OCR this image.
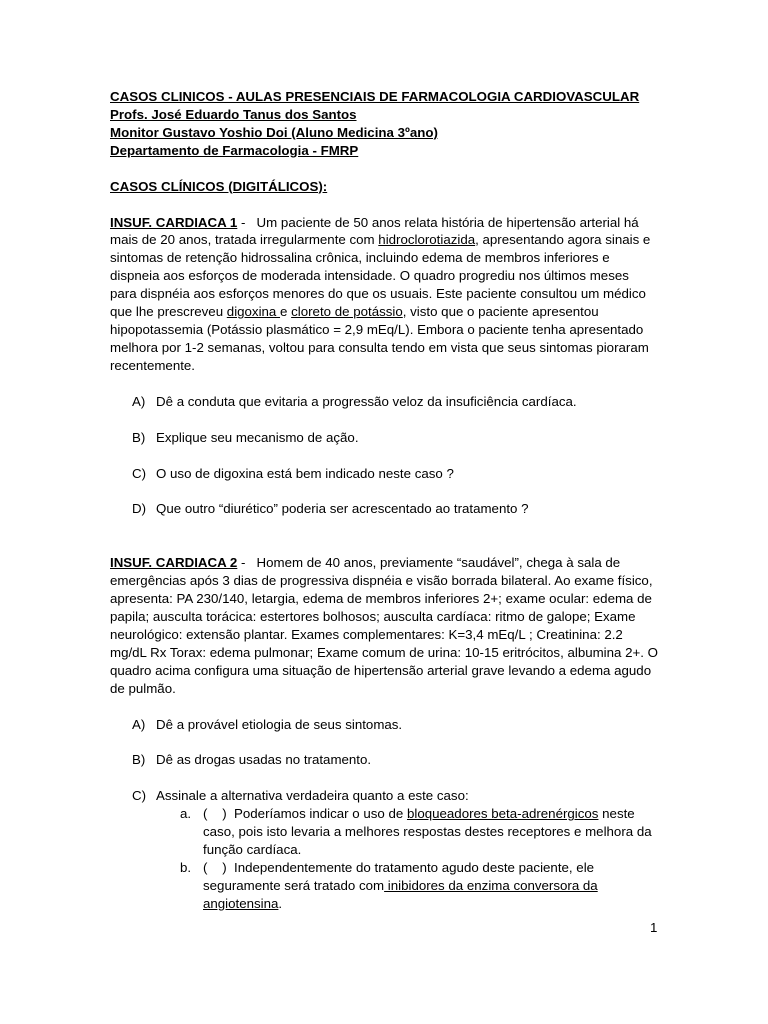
CASOS CLINICOS - AULAS PRESENCIAIS DE FARMACOLOGIA CARDIOVASCULAR
Profs. José Eduardo Tanus dos Santos
Monitor Gustavo Yoshio Doi (Aluno Medicina 3ºano)
Departamento de Farmacologia - FMRP
CASOS CLÍNICOS (DIGITÁLICOS):

INSUF. CARDIACA 1 -   Um paciente de 50 anos relata história de hipertensão arterial há mais de 20 anos, tratada irregularmente com hidroclorotiazida, apresentando agora sinais e sintomas de retenção hidrossalina crônica, incluindo edema de membros inferiores e dispneia aos esforços de moderada intensidade. O quadro progrediu nos últimos meses para dispnéia aos esforços menores do que os usuais. Este paciente consultou um médico que lhe prescreveu digoxina e cloreto de potássio, visto que o paciente apresentou hipopotassemia (Potássio plasmático = 2,9 mEq/L). Embora o paciente tenha apresentado melhora por 1-2 semanas, voltou para consulta tendo em vista que seus sintomas pioraram recentemente.

A) Dê a conduta que evitaria a progressão veloz da insuficiência cardíaca.

B) Explique seu mecanismo de ação.

C) O uso de digoxina está bem indicado neste caso ?

D) Que outro “diurético” poderia ser acrescentado ao tratamento ?

INSUF. CARDIACA 2 -   Homem de 40 anos, previamente “saudável”, chega à sala de emergências após 3 dias de progressiva dispnéia e visão borrada bilateral. Ao exame físico, apresenta: PA 230/140, letargia, edema de membros inferiores 2+; exame ocular: edema de papila; ausculta torácica: estertores bolhosos; ausculta cardíaca: ritmo de galope; Exame neurológico: extensão plantar. Exames complementares: K=3,4 mEq/L ; Creatinina: 2.2 mg/dL Rx Torax: edema pulmonar; Exame comum de urina: 10-15 eritrócitos, albumina 2+. O quadro acima configura uma situação de hipertensão arterial grave levando a edema agudo de pulmão.

A) Dê a provável etiologia de seus sintomas.

B) Dê as drogas usadas no tratamento.

C) Assinale a alternativa verdadeira quanto a este caso:

a. (    )  Poderíamos indicar o uso de bloqueadores beta-adrenérgicos neste caso, pois isto levaria a melhores respostas destes receptores e melhora da função cardíaca.

b. (    )  Independentemente do tratamento agudo deste paciente, ele seguramente será tratado com inibidores da enzima conversora da angiotensina.

1
